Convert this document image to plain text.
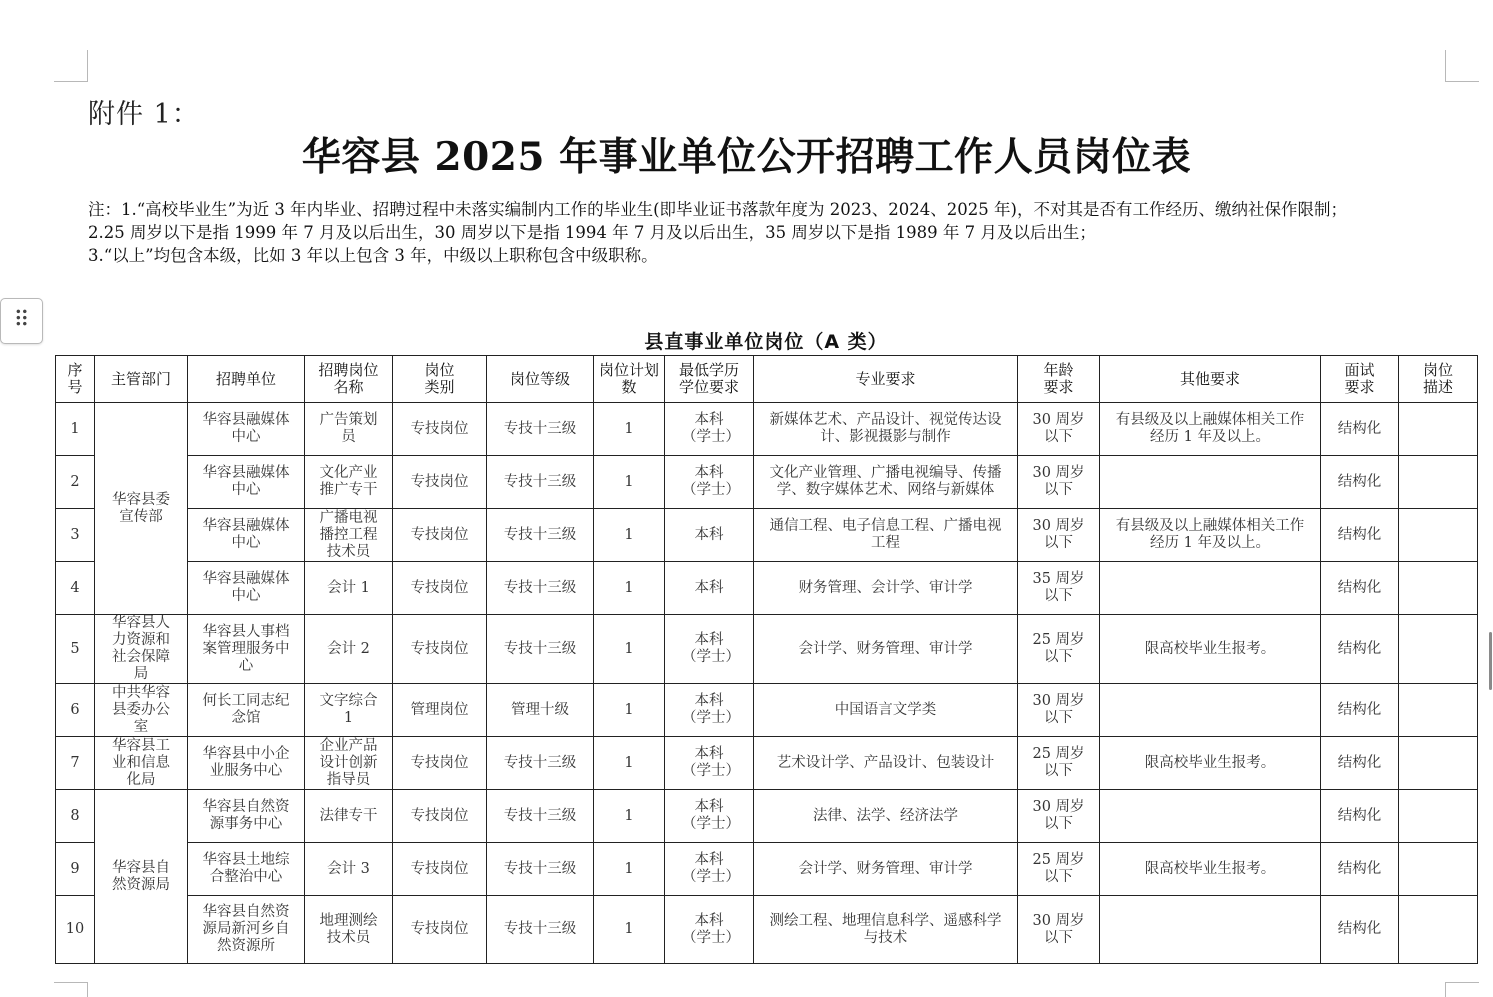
⠿
附件 1：
华容县 2025 年事业单位公开招聘工作人员岗位表

注：1.“高校毕业生”为近 3 年内毕业、招聘过程中未落实编制内工作的毕业生(即毕业证书落款年度为 2023、2024、2025 年)，不对其是否有工作经历、缴纳社保作限制；

2.25 周岁以下是指 1999 年 7 月及以后出生，30 周岁以下是指 1994 年 7 月及以后出生，35 周岁以下是指 1989 年 7 月及以后出生；

3.“以上”均包含本级，比如 3 年以上包含 3 年，中级以上职称包含中级职称。

县直事业单位岗位（A 类）
序号	主管部门	招聘单位	招聘岗位名称	岗位类别	岗位等级	岗位计划数	最低学历学位要求	专业要求	年龄要求	其他要求	面试要求	岗位描述
1	华容县委宣传部	华容县融媒体中心	广告策划员	专技岗位	专技十三级	1	本科（学士）	新媒体艺术、产品设计、视觉传达设计、影视摄影与制作	30 周岁以下	有县级及以上融媒体相关工作经历 1 年及以上。	结构化	
2		华容县融媒体中心	文化产业推广专干	专技岗位	专技十三级	1	本科（学士）	文化产业管理、广播电视编导、传播学、数字媒体艺术、网络与新媒体	30 周岁以下		结构化	
3		华容县融媒体中心	广播电视播控工程技术员	专技岗位	专技十三级	1	本科	通信工程、电子信息工程、广播电视工程	30 周岁以下	有县级及以上融媒体相关工作经历 1 年及以上。	结构化	
4		华容县融媒体中心	会计 1	专技岗位	专技十三级	1	本科	财务管理、会计学、审计学	35 周岁以下		结构化	
5	华容县人力资源和社会保障局	华容县人事档案管理服务中心	会计 2	专技岗位	专技十三级	1	本科（学士）	会计学、财务管理、审计学	25 周岁以下	限高校毕业生报考。	结构化	
6	中共华容县委办公室	何长工同志纪念馆	文字综合 1	管理岗位	管理十级	1	本科（学士）	中国语言文学类	30 周岁以下		结构化	
7	华容县工业和信息化局	华容县中小企业服务中心	企业产品设计创新指导员	专技岗位	专技十三级	1	本科（学士）	艺术设计学、产品设计、包装设计	25 周岁以下	限高校毕业生报考。	结构化	
8	华容县自然资源局	华容县自然资源事务中心	法律专干	专技岗位	专技十三级	1	本科（学士）	法律、法学、经济法学	30 周岁以下		结构化	
9		华容县土地综合整治中心	会计 3	专技岗位	专技十三级	1	本科（学士）	会计学、财务管理、审计学	25 周岁以下	限高校毕业生报考。	结构化	
10		华容县自然资源局新河乡自然资源所	地理测绘技术员	专技岗位	专技十三级	1	本科（学士）	测绘工程、地理信息科学、遥感科学与技术	30 周岁以下		结构化	
